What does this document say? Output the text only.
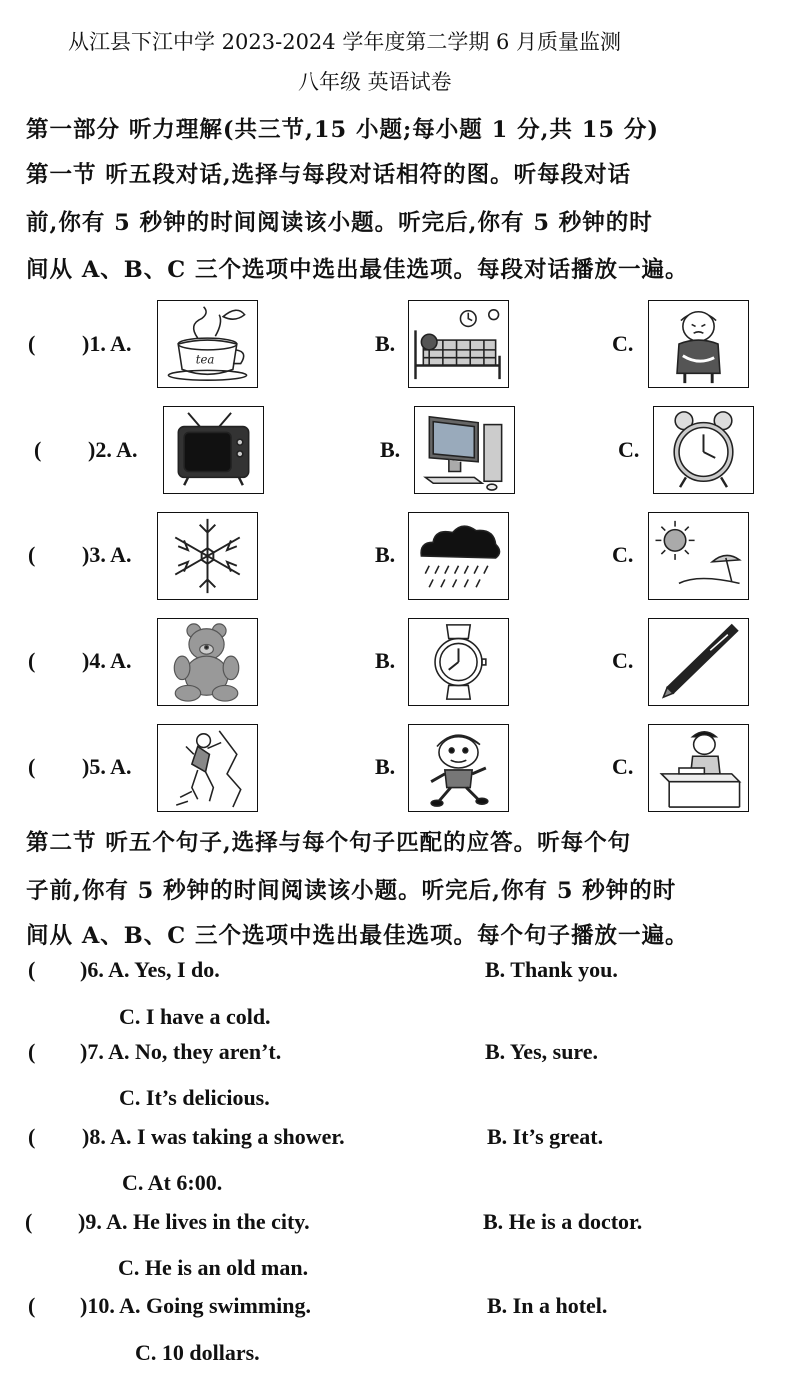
从江县下江中学 2023-2024 学年度第二学期 6 月质量监测
八年级 英语试卷
第一部分 听力理解(共三节,15 小题;每小题 1 分,共 15 分)
第一节 听五段对话,选择与每段对话相符的图。听每段对话
前,你有 5 秒钟的时间阅读该小题。听完后,你有 5 秒钟的时
间从 A、B、C 三个选项中选出最佳选项。每段对话播放一遍。
( )1. A.	B.	C.
tea
( )2. A.	B.	C.
( )3. A.	B.	C.
( )4. A.	B.	C.
( )5. A.	B.	C.
第二节 听五个句子,选择与每个句子匹配的应答。听每个句
子前,你有 5 秒钟的时间阅读该小题。听完后,你有 5 秒钟的时
间从 A、B、C 三个选项中选出最佳选项。每个句子播放一遍。
( )6. A. Yes, I do.	B. Thank you.
C. I have a cold.
( )7. A. No, they aren’t.	B. Yes, sure.
C. It’s delicious.
( )8. A. I was taking a shower.	B. It’s great.
C. At 6:00.
( )9. A. He lives in the city.	B. He is a doctor.
C. He is an old man.
( )10. A. Going swimming.	B. In a hotel.
C. 10 dollars.
